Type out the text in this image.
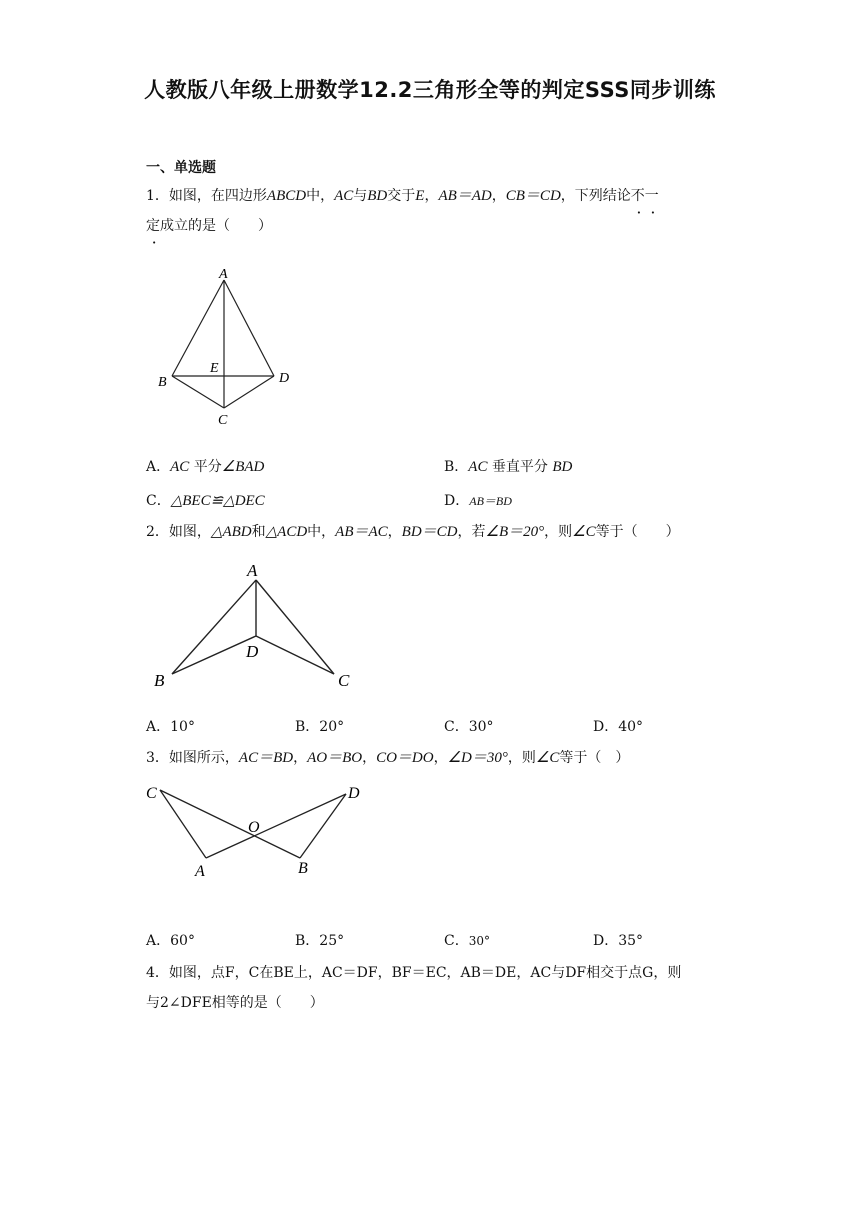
人教版八年级上册数学12.2三角形全等的判定SSS同步训练
一、单选题
1．如图，在四边形ABCD中，AC与BD交于E，AB＝AD，CB＝CD，下列结论不一
定成立的是（　　）
A
B
E
D
C
A．AC 平分∠BAD	B．AC 垂直平分 BD
C．△BEC≌△DEC	D．AB＝BD
2．如图，△ABD和△ACD中，AB＝AC，BD＝CD，若∠B＝20°，则∠C等于（　　）
A
B
D
C
A．10°	B．20°	C．30°	D．40°
3．如图所示，AC＝BD，AO＝BO，CO＝DO，∠D＝30°，则∠C等于（　）
C	D
O
A	B
A．60°	B．25°	C．30°	D．35°
4．如图，点F，C在BE上，AC＝DF，BF＝EC，AB＝DE，AC与DF相交于点G，则
与2∠DFE相等的是（　　）
